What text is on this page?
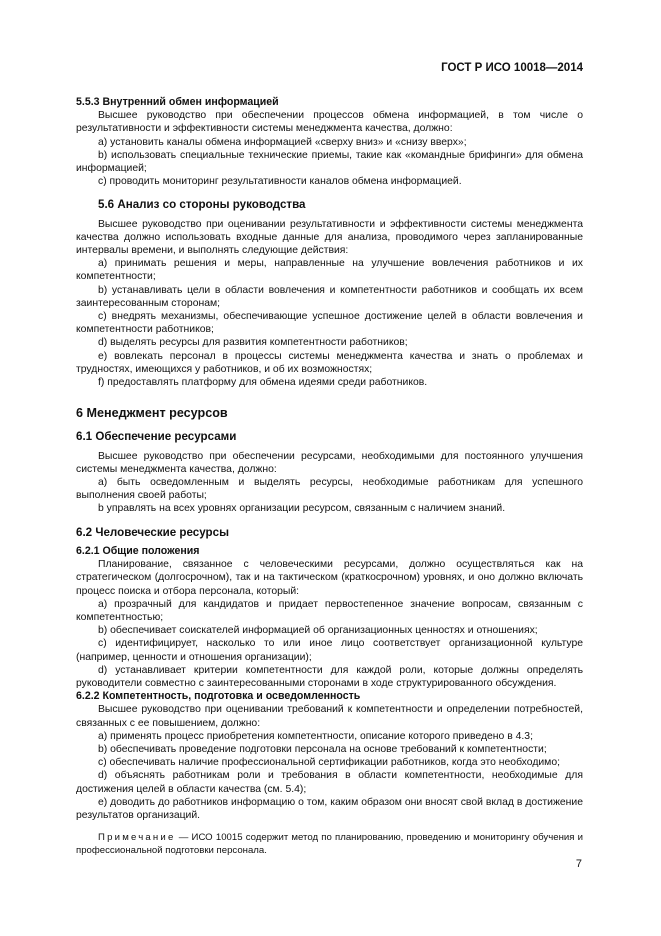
ГОСТ Р ИСО 10018—2014

5.5.3 Внутренний обмен информацией

Высшее руководство при обеспечении процессов обмена информацией, в том числе о результативности и эффективности системы менеджмента качества, должно:

a) установить каналы обмена информацией «сверху вниз» и «снизу вверх»;

b) использовать специальные технические приемы, такие как «командные брифинги» для обмена информацией;

c) проводить мониторинг результативности каналов обмена информацией.

5.6 Анализ со стороны руководства

Высшее руководство при оценивании результативности и эффективности системы менеджмента качества должно использовать входные данные для анализа, проводимого через запланированные интервалы времени, и выполнять следующие действия:

a) принимать решения и меры, направленные на улучшение вовлечения работников и их компетентности;

b) устанавливать цели в области вовлечения и компетентности работников и сообщать их всем заинтересованным сторонам;

c) внедрять механизмы, обеспечивающие успешное достижение целей в области вовлечения и компетентности работников;

d) выделять ресурсы для развития компетентности работников;

e) вовлекать персонал в процессы системы менеджмента качества и знать о проблемах и трудностях, имеющихся у работников, и об их возможностях;

f) предоставлять платформу для обмена идеями среди работников.

6 Менеджмент ресурсов

6.1 Обеспечение ресурсами

Высшее руководство при обеспечении ресурсами, необходимыми для постоянного улучшения системы менеджмента качества, должно:

a) быть осведомленным и выделять ресурсы, необходимые работникам для успешного выполнения своей работы;

b управлять на всех уровнях организации ресурсом, связанным с наличием знаний.

6.2 Человеческие ресурсы

6.2.1 Общие положения

Планирование, связанное с человеческими ресурсами, должно осуществляться как на стратегическом (долгосрочном), так и на тактическом (краткосрочном) уровнях, и оно должно включать процесс поиска и отбора персонала, который:

a) прозрачный для кандидатов и придает первостепенное значение вопросам, связанным с компетентностью;

b) обеспечивает соискателей информацией об организационных ценностях и отношениях;

c) идентифицирует, насколько то или иное лицо соответствует организационной культуре (например, ценности и отношения организации);

d) устанавливает критерии компетентности для каждой роли, которые должны определять руководители совместно с заинтересованными сторонами в ходе структурированного обсуждения.

6.2.2 Компетентность, подготовка и осведомленность

Высшее руководство при оценивании требований к компетентности и определении потребностей, связанных с ее повышением, должно:

a) применять процесс приобретения компетентности, описание которого приведено в 4.3;

b) обеспечивать проведение подготовки персонала на основе требований к компетентности;

c) обеспечивать наличие профессиональной сертификации работников, когда это необходимо;

d) объяснять работникам роли и требования в области компетентности, необходимые для достижения целей в области качества (см. 5.4);

e) доводить до работников информацию о том, каким образом они вносят свой вклад в достижение результатов организаций.

Примечание — ИСО 10015 содержит метод по планированию, проведению и мониторингу обучения и профессиональной подготовки персонала.

7
